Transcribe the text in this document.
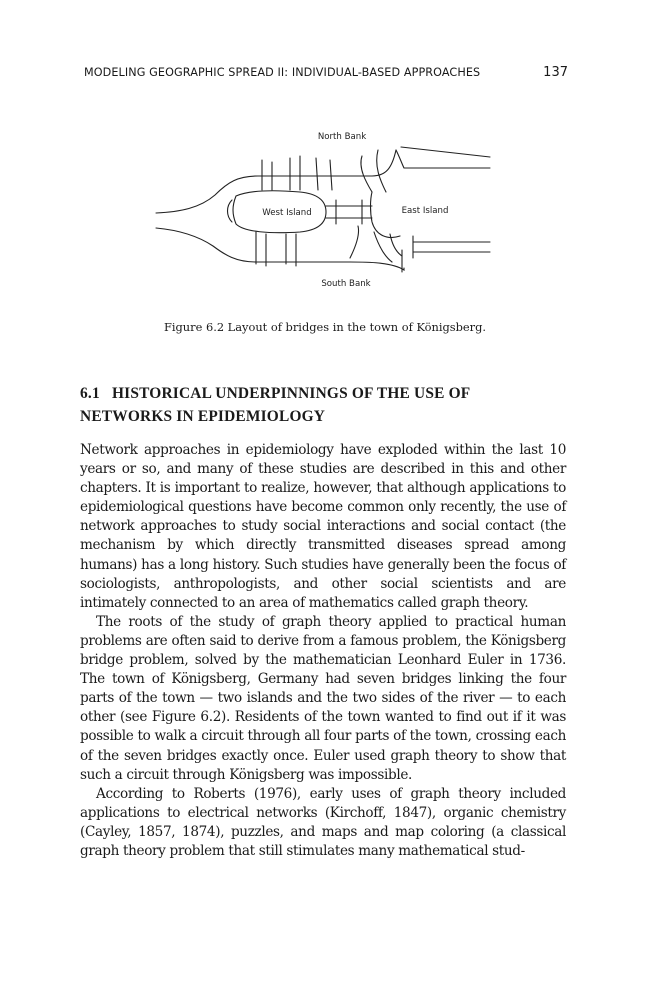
MODELING GEOGRAPHIC SPREAD II: INDIVIDUAL-BASED APPROACHES	137
North Bank
West Island	East Island
South Bank
Figure 6.2 Layout of bridges in the town of Königsberg.
6.1   HISTORICAL UNDERPINNINGS OF THE USE OF
NETWORKS IN EPIDEMIOLOGY

Network approaches in epidemiology have exploded within the last 10 years or so, and many of these studies are described in this and other chapters. It is important to realize, however, that although applications to epidemiological questions have become common only recently, the use of network approaches to study social interactions and social contact (the mechanism by which directly transmitted diseases spread among humans) has a long history. Such studies have generally been the focus of sociologists, anthropologists, and other social scientists and are intimately connected to an area of mathematics called graph theory.

The roots of the study of graph theory applied to practical human problems are often said to derive from a famous problem, the Königsberg bridge problem, solved by the mathematician Leonhard Euler in 1736. The town of Königsberg, Germany had seven bridges linking the four parts of the town — two islands and the two sides of the river — to each other (see Figure 6.2). Residents of the town wanted to find out if it was possible to walk a circuit through all four parts of the town, crossing each of the seven bridges exactly once. Euler used graph theory to show that such a circuit through Königsberg was impossible.

According to Roberts (1976), early uses of graph theory included applications to electrical networks (Kirchoff, 1847), organic chemistry (Cayley, 1857, 1874), puzzles, and maps and map coloring (a classical graph theory problem that still stimulates many mathematical stud-
